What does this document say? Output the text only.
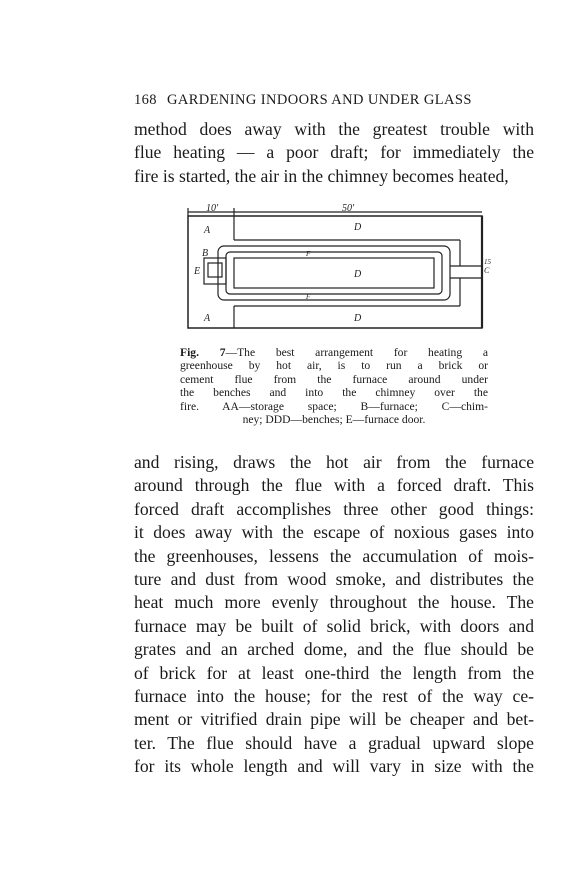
168 GARDENING INDOORS AND UNDER GLASS
method does away with the greatest trouble with
flue heating — a poor draft; for immediately the
fire is started, the air in the chimney becomes heated,
10'	50'
A	D
B
E
F
D
F
C
15
A	D
Fig. 7—The best arrangement for heating a
greenhouse by hot air, is to run a brick or
cement flue from the furnace around under
the benches and into the chimney over the
fire. AA—storage space; B—furnace; C—chim-
ney; DDD—benches; E—furnace door.
and rising, draws the hot air from the furnace
around through the flue with a forced draft. This
forced draft accomplishes three other good things:
it does away with the escape of noxious gases into
the greenhouses, lessens the accumulation of mois-
ture and dust from wood smoke, and distributes the
heat much more evenly throughout the house. The
furnace may be built of solid brick, with doors and
grates and an arched dome, and the flue should be
of brick for at least one-third the length from the
furnace into the house; for the rest of the way ce-
ment or vitrified drain pipe will be cheaper and bet-
ter. The flue should have a gradual upward slope
for its whole length and will vary in size with the
